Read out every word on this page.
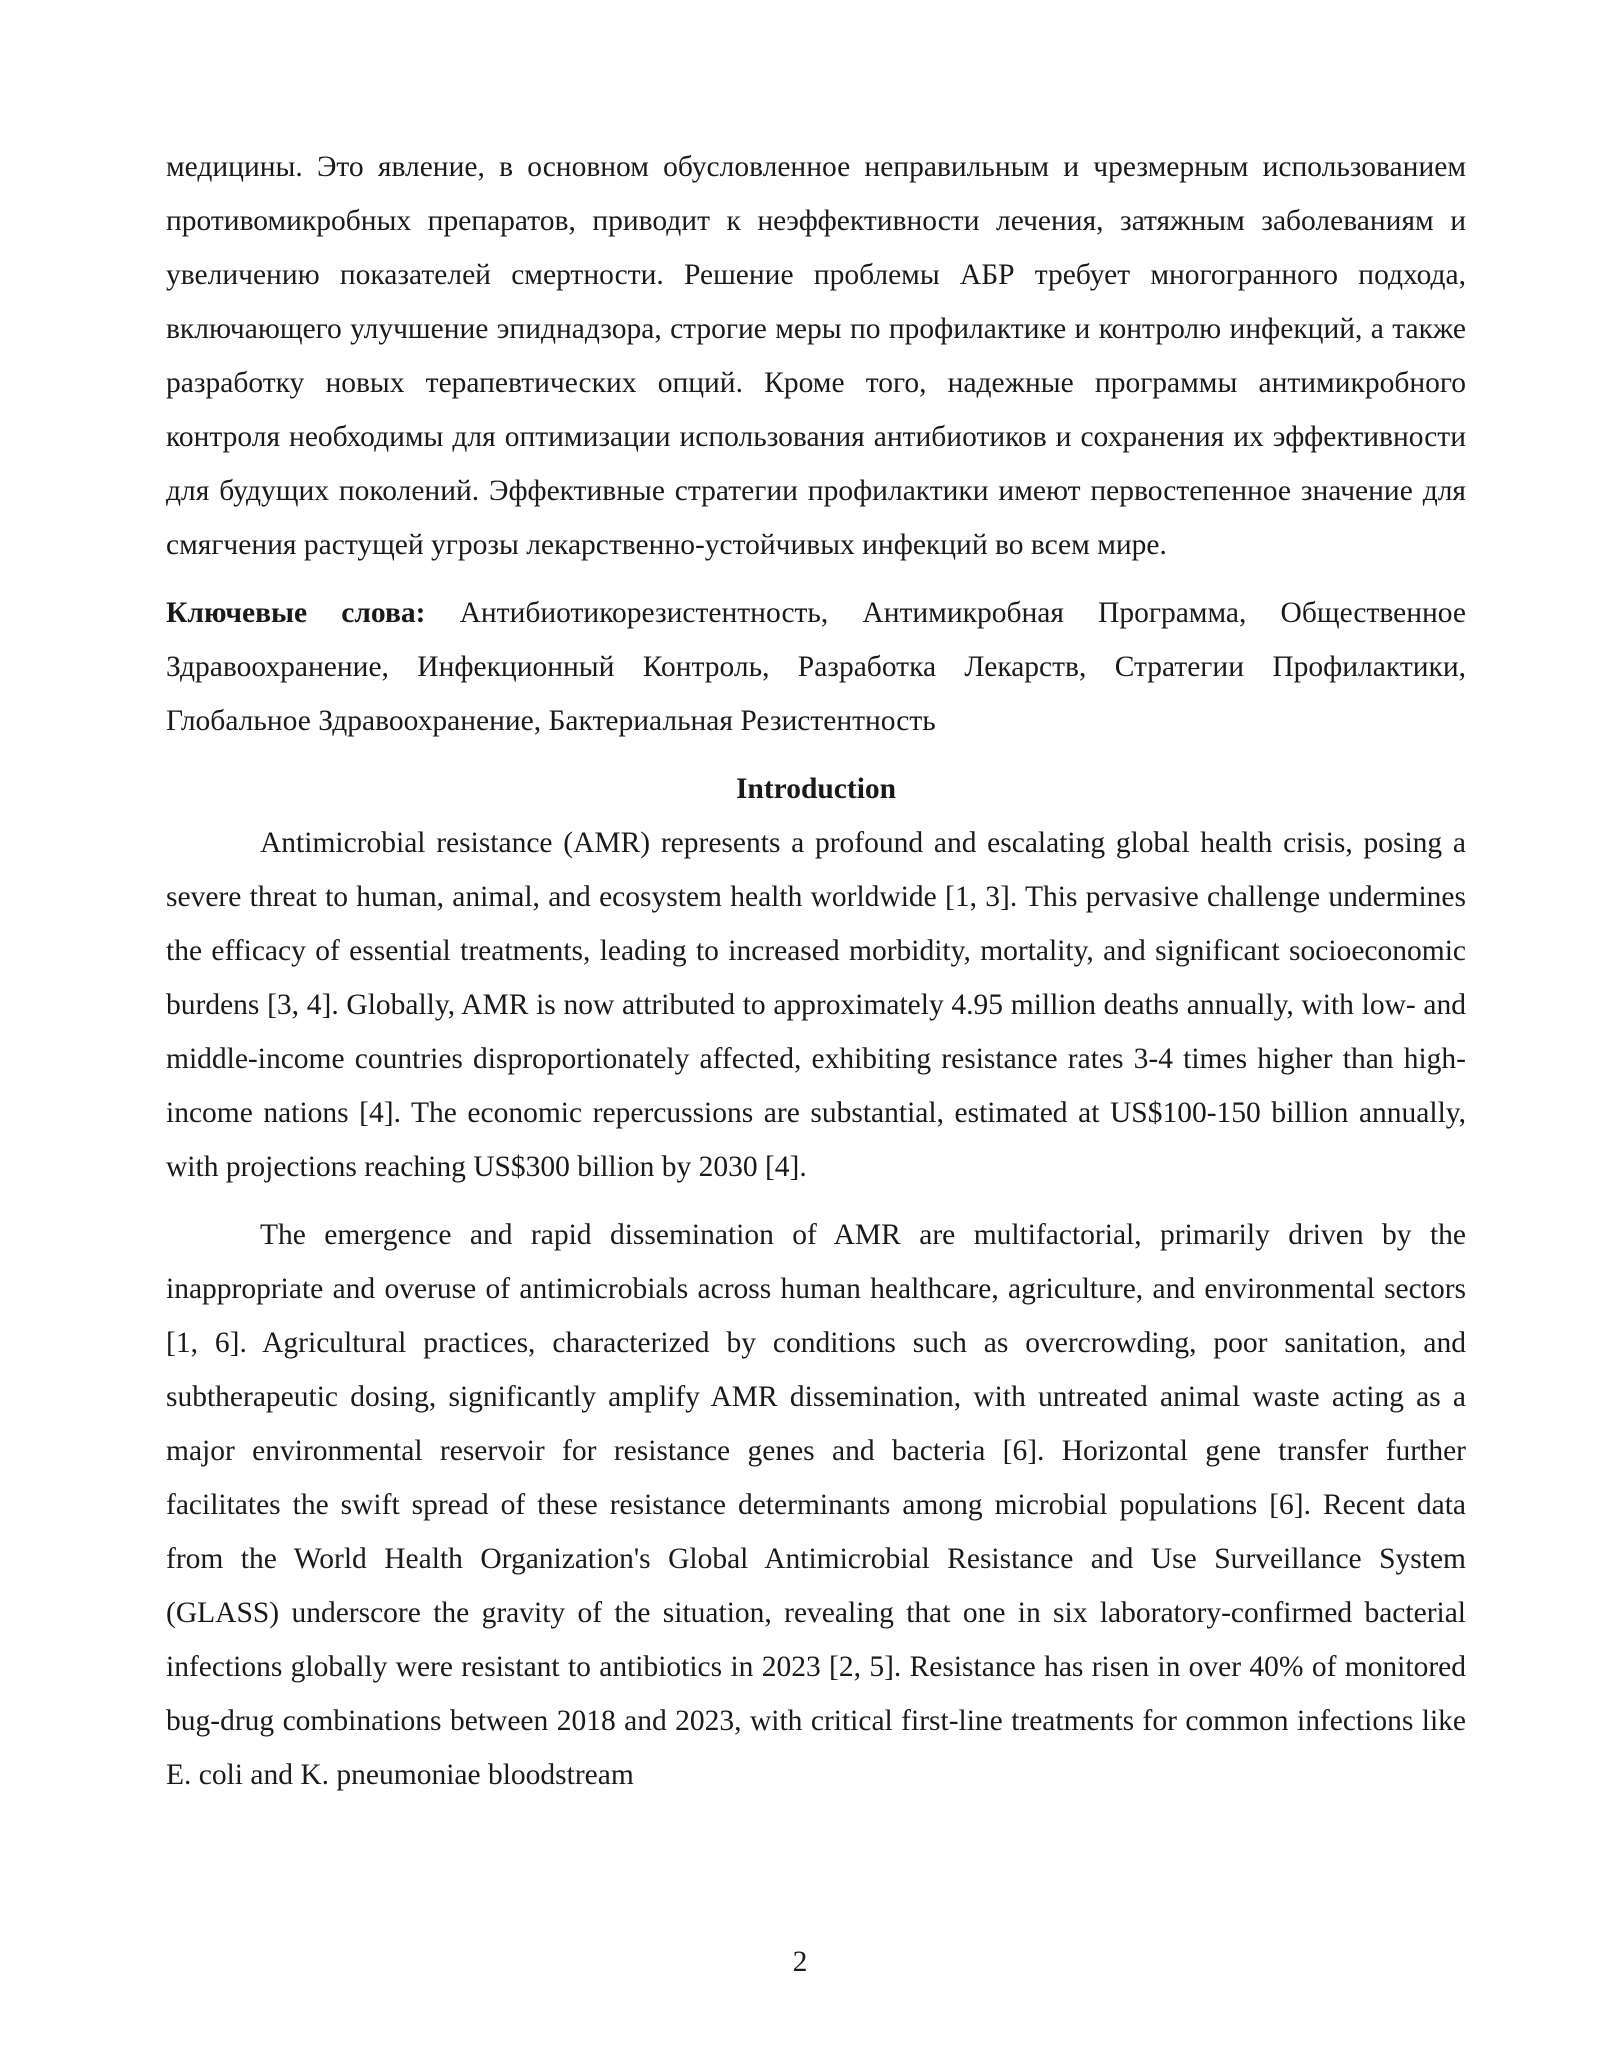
медицины. Это явление, в основном обусловленное неправильным и чрезмерным использованием противомикробных препаратов, приводит к неэффективности лечения, затяжным заболеваниям и увеличению показателей смертности. Решение проблемы АБР требует многогранного подхода, включающего улучшение эпиднадзора, строгие меры по профилактике и контролю инфекций, а также разработку новых терапевтических опций. Кроме того, надежные программы антимикробного контроля необходимы для оптимизации использования антибиотиков и сохранения их эффективности для будущих поколений. Эффективные стратегии профилактики имеют первостепенное значение для смягчения растущей угрозы лекарственно-устойчивых инфекций во всем мире.

Ключевые слова: Антибиотикорезистентность, Антимикробная Программа, Общественное Здравоохранение, Инфекционный Контроль, Разработка Лекарств, Стратегии Профилактики, Глобальное Здравоохранение, Бактериальная Резистентность

Introduction

Antimicrobial resistance (AMR) represents a profound and escalating global health crisis, posing a severe threat to human, animal, and ecosystem health worldwide [1, 3]. This pervasive challenge undermines the efficacy of essential treatments, leading to increased morbidity, mortality, and significant socioeconomic burdens [3, 4]. Globally, AMR is now attributed to approximately 4.95 million deaths annually, with low- and middle-income countries disproportionately affected, exhibiting resistance rates 3-4 times higher than high-income nations [4]. The economic repercussions are substantial, estimated at US$100-150 billion annually, with projections reaching US$300 billion by 2030 [4].

The emergence and rapid dissemination of AMR are multifactorial, primarily driven by the inappropriate and overuse of antimicrobials across human healthcare, agriculture, and environmental sectors [1, 6]. Agricultural practices, characterized by conditions such as overcrowding, poor sanitation, and subtherapeutic dosing, significantly amplify AMR dissemination, with untreated animal waste acting as a major environmental reservoir for resistance genes and bacteria [6]. Horizontal gene transfer further facilitates the swift spread of these resistance determinants among microbial populations [6]. Recent data from the World Health Organization's Global Antimicrobial Resistance and Use Surveillance System (GLASS) underscore the gravity of the situation, revealing that one in six laboratory-confirmed bacterial infections globally were resistant to antibiotics in 2023 [2, 5]. Resistance has risen in over 40% of monitored bug-drug combinations between 2018 and 2023, with critical first-line treatments for common infections like E. coli and K. pneumoniae bloodstream

2
